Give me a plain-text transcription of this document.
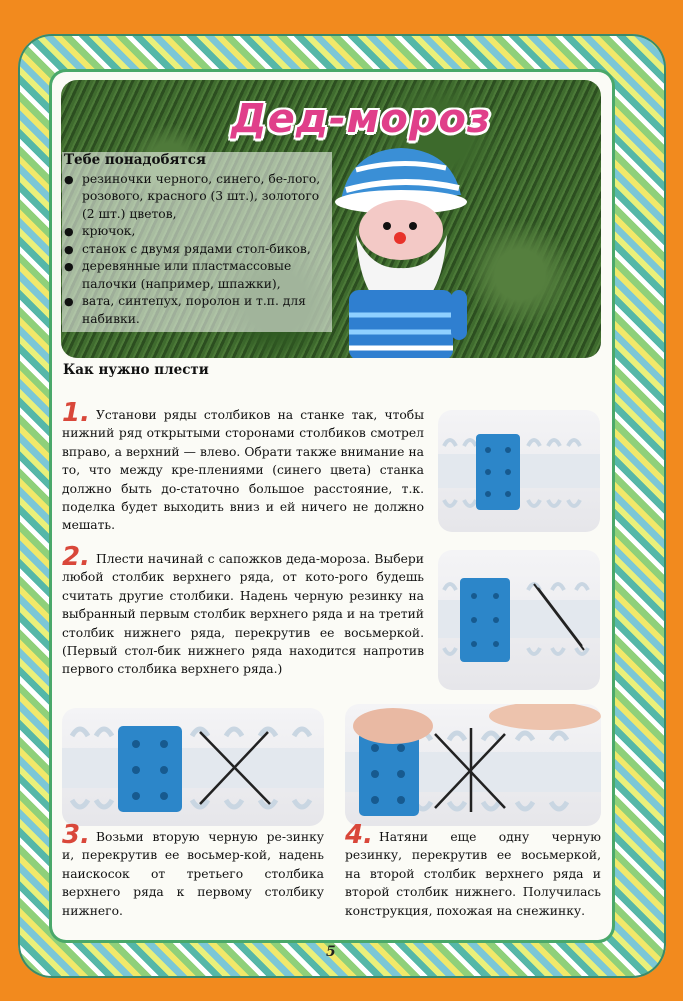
Дед-мороз
Тебе понадобятся
● резиночки черного, синего, бе-лого, розового, красного (3 шт.), золотого (2 шт.) цветов,
● крючок,
● станок с двумя рядами стол-биков,
● деревянные или пластмассовые палочки (например, шпажки),
● вата, синтепух, поролон и т.п. для набивки.
Как нужно плести
1. Установи ряды столбиков на станке так, чтобы нижний ряд открытыми сторонами столбиков смотрел вправо, а верхний — влево. Обрати также внимание на то, что между кре-плениями (синего цвета) станка должно быть до-статочно большое расстояние, т.к. поделка будет выходить вниз и ей ничего не должно мешать.
2. Плести начинай с сапожков деда-мороза. Выбери любой столбик верхнего ряда, от кото-рого будешь считать другие столбики. Надень черную резинку на выбранный первым столбик верхнего ряда и на третий столбик нижнего ряда, перекрутив ее восьмеркой. (Первый стол-бик нижнего ряда находится напротив первого столбика верхнего ряда.)
3. Возьми вторую черную ре-зинку и, перекрутив ее восьмер-кой, надень наискосок от третьего столбика верхнего ряда к первому столбику нижнего.
4. Натяни еще одну черную резинку, перекрутив ее восьмеркой, на второй столбик верхнего ряда и второй столбик нижнего. Получилась конструкция, похожая на снежинку.
5
